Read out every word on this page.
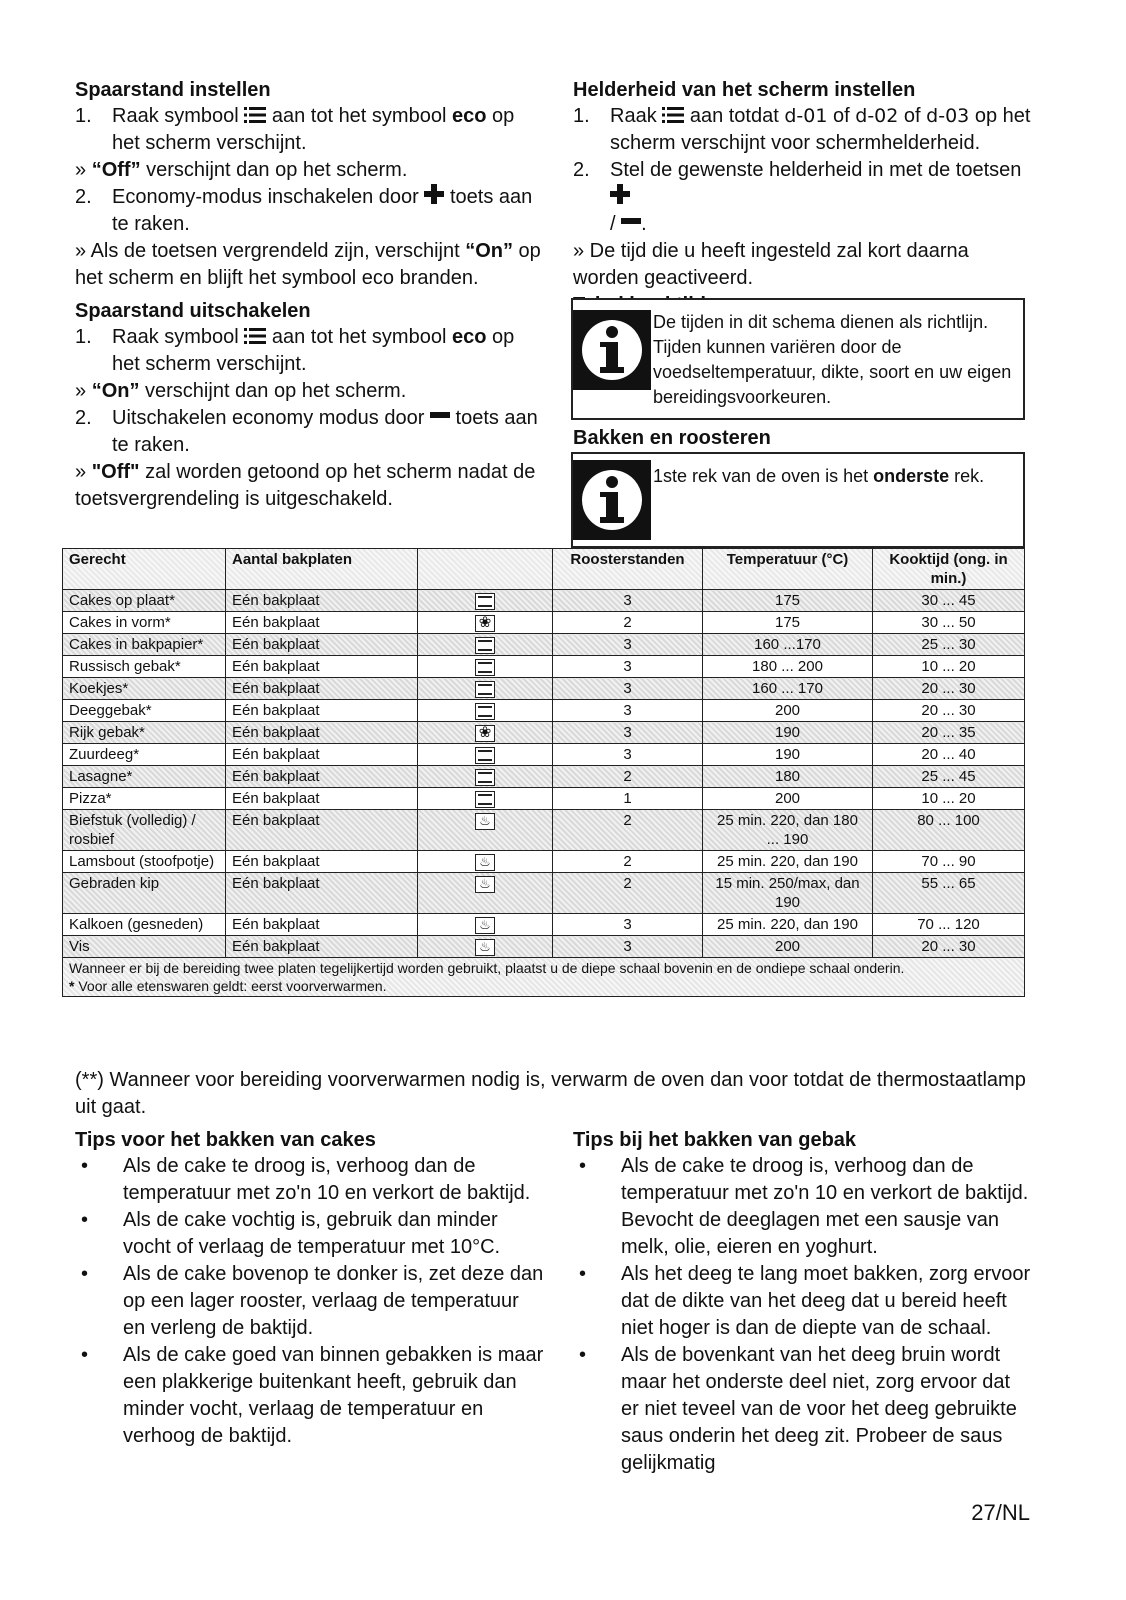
Spaarstand instellen

1. Raak symbool aan tot het symbool eco op het scherm verschijnt.

» “Off” verschijnt dan op het scherm.

2. Economy-modus inschakelen door toets aan te raken.

» Als de toetsen vergrendeld zijn, verschijnt “On” op het scherm en blijft het symbool eco branden.

Spaarstand uitschakelen

1. Raak symbool aan tot het symbool eco op het scherm verschijnt.

» “On” verschijnt dan op het scherm.

2. Uitschakelen economy modus door toets aan te raken.

» "Off" zal worden getoond op het scherm nadat de toetsvergrendeling is uitgeschakeld.

Helderheid van het scherm instellen

1. Raak aan totdat d-01 of d-02 of d-03 op het scherm verschijnt voor schermhelderheid.
2. Stel de gewenste helderheid in met de toetsen
/ .

» De tijd die u heeft ingesteld zal kort daarna worden geactiveerd.

De tijden in dit schema dienen als richtlijn. Tijden kunnen variëren door de voedseltemperatuur, dikte, soort en uw eigen bereidingsvoorkeuren.

Bakken en roosteren

1ste rek van de oven is het onderste rek.
Gerecht	Aantal bakplaten		Roosterstanden	Temperatuur (°C)	Kooktijd (ong. in min.)
Cakes op plaat*	Eén bakplaat		3	175	30 ... 45
Cakes in vorm*	Eén bakplaat	❀	2	175	30 ... 50
Cakes in bakpapier*	Eén bakplaat		3	160 ...170	25 ... 30
Russisch gebak*	Eén bakplaat		3	180 ... 200	10 ... 20
Koekjes*	Eén bakplaat		3	160 ... 170	20 ... 30
Deeggebak*	Eén bakplaat		3	200	20 ... 30
Rijk gebak*	Eén bakplaat	❀	3	190	20 ... 35
Zuurdeeg*	Eén bakplaat		3	190	20 ... 40
Lasagne*	Eén bakplaat		2	180	25 ... 45
Pizza*	Eén bakplaat		1	200	10 ... 20
Biefstuk (volledig) / rosbief	Eén bakplaat	♨	2	25 min. 220, dan 180 ... 190	80 ... 100
Lamsbout (stoofpotje)	Eén bakplaat	♨	2	25 min. 220, dan 190	70 ... 90
Gebraden kip	Eén bakplaat	♨	2	15 min. 250/max, dan 190	55 ... 65
Kalkoen (gesneden)	Eén bakplaat	♨	3	25 min. 220, dan 190	70 ... 120
Vis	Eén bakplaat	♨	3	200	20 ... 30

Wanneer er bij de bereiding twee platen tegelijkertijd worden gebruikt, plaatst u de diepe schaal bovenin en de ondiepe schaal onderin.
* Voor alle etenswaren geldt: eerst voorverwarmen.					

(**) Wanneer voor bereiding voorverwarmen nodig is, verwarm de oven dan voor totdat de thermostaatlamp uit gaat.

Tips voor het bakken van cakes

• Als de cake te droog is, verhoog dan de temperatuur met zo'n 10 en verkort de baktijd.
• Als de cake vochtig is, gebruik dan minder vocht of verlaag de temperatuur met 10°C.
• Als de cake bovenop te donker is, zet deze dan op een lager rooster, verlaag de temperatuur en verleng de baktijd.
• Als de cake goed van binnen gebakken is maar een plakkerige buitenkant heeft, gebruik dan minder vocht, verlaag de temperatuur en verhoog de baktijd.

Tips bij het bakken van gebak

• Als de cake te droog is, verhoog dan de temperatuur met zo'n 10 en verkort de baktijd. Bevocht de deeglagen met een sausje van melk, olie, eieren en yoghurt.
• Als het deeg te lang moet bakken, zorg ervoor dat de dikte van het deeg dat u bereid heeft niet hoger is dan de diepte van de schaal.
• Als de bovenkant van het deeg bruin wordt maar het onderste deel niet, zorg ervoor dat er niet teveel van de voor het deeg gebruikte saus onderin het deeg zit. Probeer de saus gelijkmatig
27/NL
